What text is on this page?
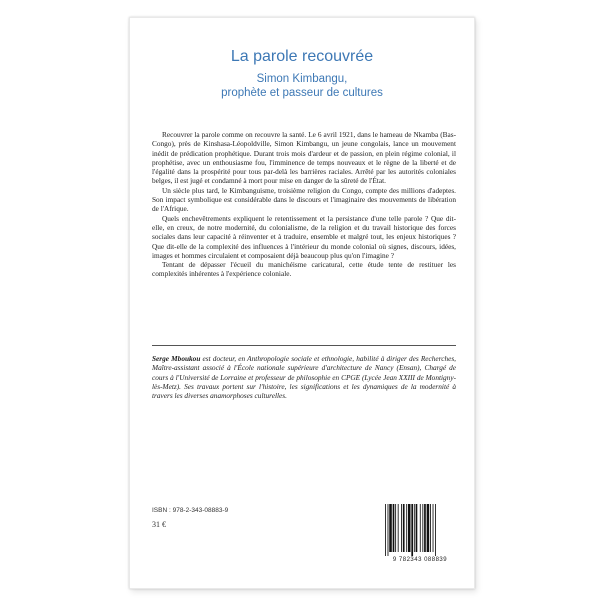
La parole recouvrée
Simon Kimbangu,
prophète et passeur de cultures

Recouvrer la parole comme on recouvre la santé. Le 6 avril 1921, dans le hameau de Nkamba (Bas-Congo), près de Kinshasa-Léopoldville, Simon Kimbangu, un jeune congolais, lance un mouvement inédit de prédication prophétique. Durant trois mois d'ardeur et de passion, en plein régime colonial, il prophétise, avec un enthousiasme fou, l'imminence de temps nouveaux et le règne de la liberté et de l'égalité dans la prospérité pour tous par-delà les barrières raciales. Arrêté par les autorités coloniales belges, il est jugé et condamné à mort pour mise en danger de la sûreté de l'État.

Un siècle plus tard, le Kimbanguisme, troisième religion du Congo, compte des millions d'adeptes. Son impact symbolique est considérable dans le discours et l'imaginaire des mouvements de libération de l'Afrique.

Quels enchevêtrements expliquent le retentissement et la persistance d'une telle parole ? Que dit-elle, en creux, de notre modernité, du colonialisme, de la religion et du travail historique des forces sociales dans leur capacité à réinventer et à traduire, ensemble et malgré tout, les enjeux historiques ? Que dit-elle de la complexité des influences à l'intérieur du monde colonial où signes, discours, idées, images et hommes circulaient et composaient déjà beaucoup plus qu'on l'imagine ?

Tentant de dépasser l'écueil du manichéisme caricatural, cette étude tente de restituer les complexités inhérentes à l'expérience coloniale.

Serge Mboukou est docteur, en Anthropologie sociale et ethnologie, habilité à diriger des Recherches, Maître-assistant associé à l'École nationale supérieure d'architecture de Nancy (Ensan), Chargé de cours à l'Université de Lorraine et professeur de philosophie en CPGE (Lycée Jean XXIII de Montigny-lès-Metz). Ses travaux portent sur l'histoire, les significations et les dynamiques de la modernité à travers les diverses anamorphoses culturelles.
ISBN : 978-2-343-08883-9
31 €
9 782343 088839
